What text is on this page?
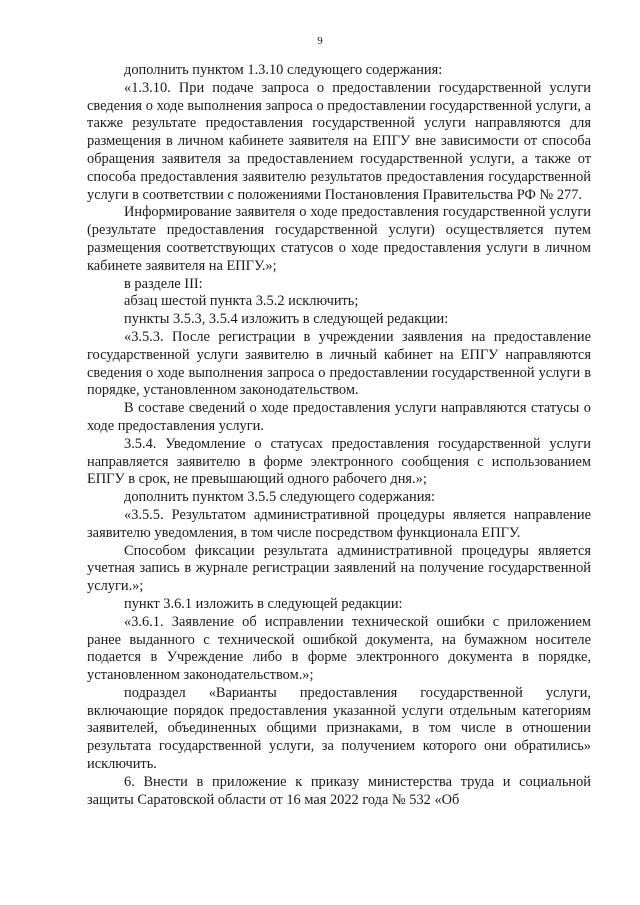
9

дополнить пунктом 1.3.10 следующего содержания:

«1.3.10. При подаче запроса о предоставлении государственной услуги сведения о ходе выполнения запроса о предоставлении государственной услуги, а также результате предоставления государственной услуги направляются для размещения в личном кабинете заявителя на ЕПГУ вне зависимости от способа обращения заявителя за предоставлением государственной услуги, а также от способа предоставления заявителю результатов предоставления государственной услуги в соответствии с положениями Постановления Правительства РФ № 277.

Информирование заявителя о ходе предоставления государственной услуги (результате предоставления государственной услуги) осуществляется путем размещения соответствующих статусов о ходе предоставления услуги в личном кабинете заявителя на ЕПГУ.»;

в разделе III:

абзац шестой пункта 3.5.2 исключить;

пункты 3.5.3, 3.5.4 изложить в следующей редакции:

«3.5.3. После регистрации в учреждении заявления на предоставление государственной услуги заявителю в личный кабинет на ЕПГУ направляются сведения о ходе выполнения запроса о предоставлении государственной услуги в порядке, установленном законодательством.

В составе сведений о ходе предоставления услуги направляются статусы о ходе предоставления услуги.

3.5.4. Уведомление о статусах предоставления государственной услуги направляется заявителю в форме электронного сообщения с использованием ЕПГУ в срок, не превышающий одного рабочего дня.»;

дополнить пунктом 3.5.5 следующего содержания:

«3.5.5. Результатом административной процедуры является направление заявителю уведомления, в том числе посредством функционала ЕПГУ.

Способом фиксации результата административной процедуры является учетная запись в журнале регистрации заявлений на получение государственной услуги.»;

пункт 3.6.1 изложить в следующей редакции:

«3.6.1. Заявление об исправлении технической ошибки с приложением ранее выданного с технической ошибкой документа, на бумажном носителе подается в Учреждение либо в форме электронного документа в порядке, установленном законодательством.»;

подраздел «Варианты предоставления государственной услуги, включающие порядок предоставления указанной услуги отдельным категориям заявителей, объединенных общими признаками, в том числе в отношении результата государственной услуги, за получением которого они обратились» исключить.

6. Внести в приложение к приказу министерства труда и социальной защиты Саратовской области от 16 мая 2022 года № 532 «Об
